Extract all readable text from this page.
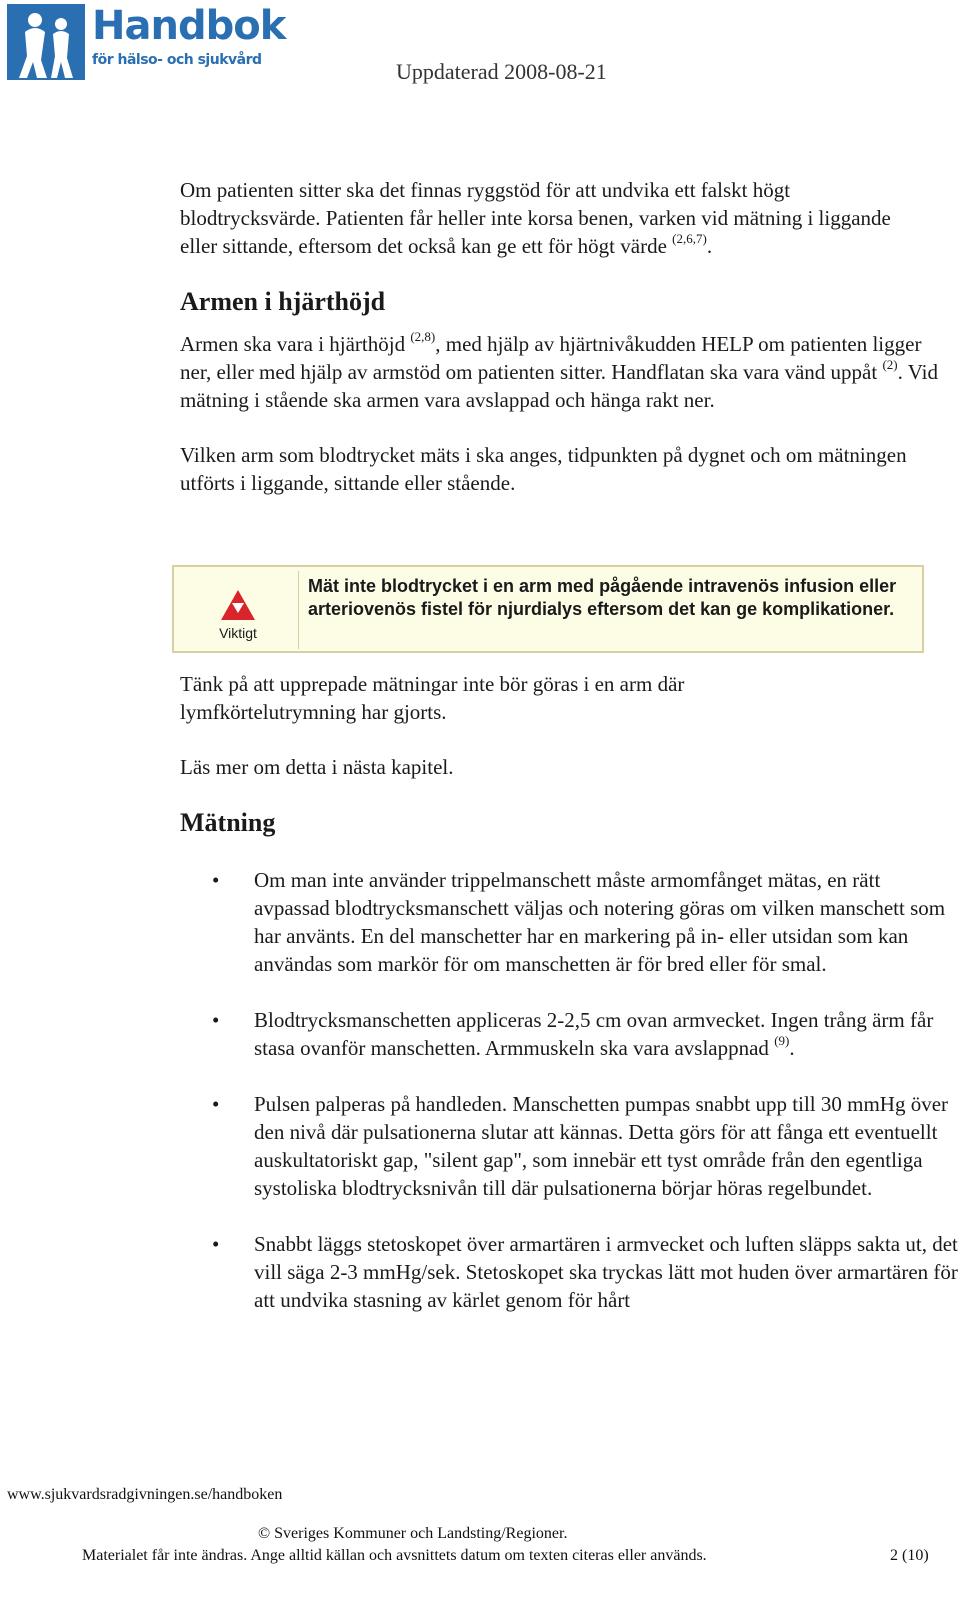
Handbok
för hälso- och sjukvård	Uppdaterad 2008-08-21

Om patienten sitter ska det finnas ryggstöd för att undvika ett falskt högt blodtrycksvärde. Patienten får heller inte korsa benen, varken vid mätning i liggande eller sittande, eftersom det också kan ge ett för högt värde $^{(2,6,7)}$.

Armen i hjärthöjd

Armen ska vara i hjärthöjd $^{(2,8)}$, med hjälp av hjärtnivåkudden HELP om patienten ligger ner, eller med hjälp av armstöd om patienten sitter. Handflatan ska vara vänd uppåt $^{(2)}$. Vid mätning i stående ska armen vara avslappad och hänga rakt ner.

Vilken arm som blodtrycket mäts i ska anges, tidpunkten på dygnet och om mätningen utförts i liggande, sittande eller stående.

Viktigt
Mät inte blodtrycket i en arm med pågående intravenös infusion eller arteriovenös fistel för njurdialys eftersom det kan ge komplikationer.

Tänk på att upprepade mätningar inte bör göras i en arm där lymfkörtelutrymning har gjorts.

Läs mer om detta i nästa kapitel.

Mätning
• Om man inte använder trippelmanschett måste armomfånget mätas, en rätt avpassad blodtrycksmanschett väljas och notering göras om vilken manschett som har använts. En del manschetter har en markering på in- eller utsidan som kan användas som markör för om manschetten är för bred eller för smal.
• Blodtrycksmanschetten appliceras 2-2,5 cm ovan armvecket. Ingen trång ärm får stasa ovanför manschetten. Armmuskeln ska vara avslappnad $^{(9)}$.
• Pulsen palperas på handleden. Manschetten pumpas snabbt upp till 30 mmHg över den nivå där pulsationerna slutar att kännas. Detta görs för att fånga ett eventuellt auskultatoriskt gap, "silent gap", som innebär ett tyst område från den egentliga systoliska blodtrycksnivån till där pulsationerna börjar höras regelbundet.
• Snabbt läggs stetoskopet över armartären i armvecket och luften släpps sakta ut, det vill säga 2-3 mmHg/sek. Stetoskopet ska tryckas lätt mot huden över armartären för att undvika stasning av kärlet genom för hårt
www.sjukvardsradgivningen.se/handboken
© Sveriges Kommuner och Landsting/Regioner.
Materialet får inte ändras. Ange alltid källan och avsnittets datum om texten citeras eller används.	2 (10)
